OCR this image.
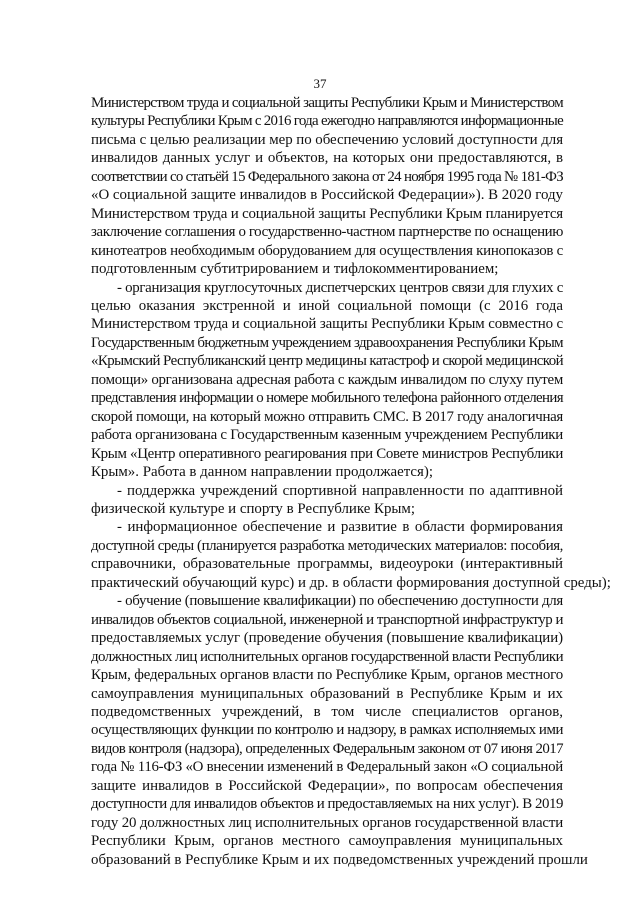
37

Министерством труда и социальной защиты Республики Крым и Министерством
культуры Республики Крым с 2016 года ежегодно направляются информационные
письма с целью реализации мер по обеспечению условий доступности для
инвалидов данных услуг и объектов, на которых они предоставляются, в
соответствии со статьёй 15 Федерального закона от 24 ноября 1995 года № 181-ФЗ
«О социальной защите инвалидов в Российской Федерации»). В 2020 году
Министерством труда и социальной защиты Республики Крым планируется
заключение соглашения о государственно-частном партнерстве по оснащению
кинотеатров необходимым оборудованием для осуществления кинопоказов с
подготовленным субтитрированием и тифлокомментированием;

- организация круглосуточных диспетчерских центров связи для глухих с
целью оказания экстренной и иной социальной помощи (с 2016 года
Министерством труда и социальной защиты Республики Крым совместно с
Государственным бюджетным учреждением здравоохранения Республики Крым
«Крымский Республиканский центр медицины катастроф и скорой медицинской
помощи» организована адресная работа с каждым инвалидом по слуху путем
представления информации о номере мобильного телефона районного отделения
скорой помощи, на который можно отправить СМС. В 2017 году аналогичная
работа организована с Государственным казенным учреждением Республики
Крым «Центр оперативного реагирования при Совете министров Республики
Крым». Работа в данном направлении продолжается);

- поддержка учреждений спортивной направленности по адаптивной
физической культуре и спорту в Республике Крым;

- информационное обеспечение и развитие в области формирования
доступной среды (планируется разработка методических материалов: пособия,
справочники, образовательные программы, видеоуроки (интерактивный
практический обучающий курс) и др. в области формирования доступной среды);

- обучение (повышение квалификации) по обеспечению доступности для
инвалидов объектов социальной, инженерной и транспортной инфраструктур и
предоставляемых услуг (проведение обучения (повышение квалификации)
должностных лиц исполнительных органов государственной власти Республики
Крым, федеральных органов власти по Республике Крым, органов местного
самоуправления муниципальных образований в Республике Крым и их
подведомственных учреждений, в том числе специалистов органов,
осуществляющих функции по контролю и надзору, в рамках исполняемых ими
видов контроля (надзора), определенных Федеральным законом от 07 июня 2017
года № 116-ФЗ «О внесении изменений в Федеральный закон «О социальной
защите инвалидов в Российской Федерации», по вопросам обеспечения
доступности для инвалидов объектов и предоставляемых на них услуг). В 2019
году 20 должностных лиц исполнительных органов государственной власти
Республики Крым, органов местного самоуправления муниципальных
образований в Республике Крым и их подведомственных учреждений прошли
